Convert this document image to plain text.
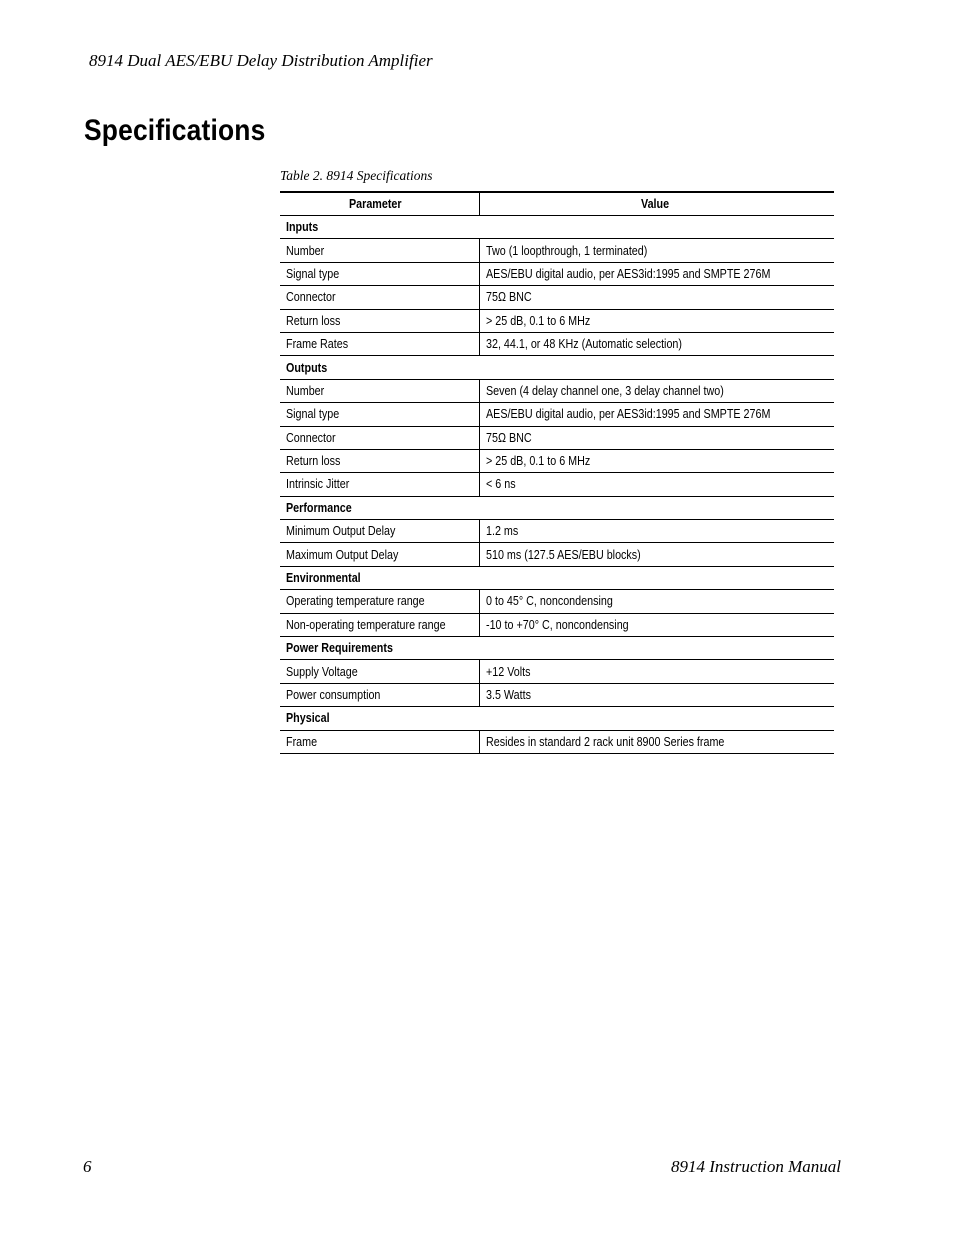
8914 Dual AES/EBU Delay Distribution Amplifier
Specifications
Table 2. 8914 Specifications
Parameter	Value
Inputs	
Number	Two (1 loopthrough, 1 terminated)
Signal type	AES/EBU digital audio, per AES3id:1995 and SMPTE 276M
Connector	75Ω BNC
Return loss	> 25 dB, 0.1 to 6 MHz
Frame Rates	32, 44.1, or 48 KHz (Automatic selection)
Outputs	
Number	Seven (4 delay channel one, 3 delay channel two)
Signal type	AES/EBU digital audio, per AES3id:1995 and SMPTE 276M
Connector	75Ω BNC
Return loss	> 25 dB, 0.1 to 6 MHz
Intrinsic Jitter	< 6 ns
Performance	
Minimum Output Delay	1.2 ms
Maximum Output Delay	510 ms (127.5 AES/EBU blocks)
Environmental	
Operating temperature range	0 to 45° C, noncondensing
Non-operating temperature range	-10 to +70° C, noncondensing
Power Requirements	
Supply Voltage	+12 Volts
Power consumption	3.5 Watts
Physical	
Frame	Resides in standard 2 rack unit 8900 Series frame
6	8914 Instruction Manual
